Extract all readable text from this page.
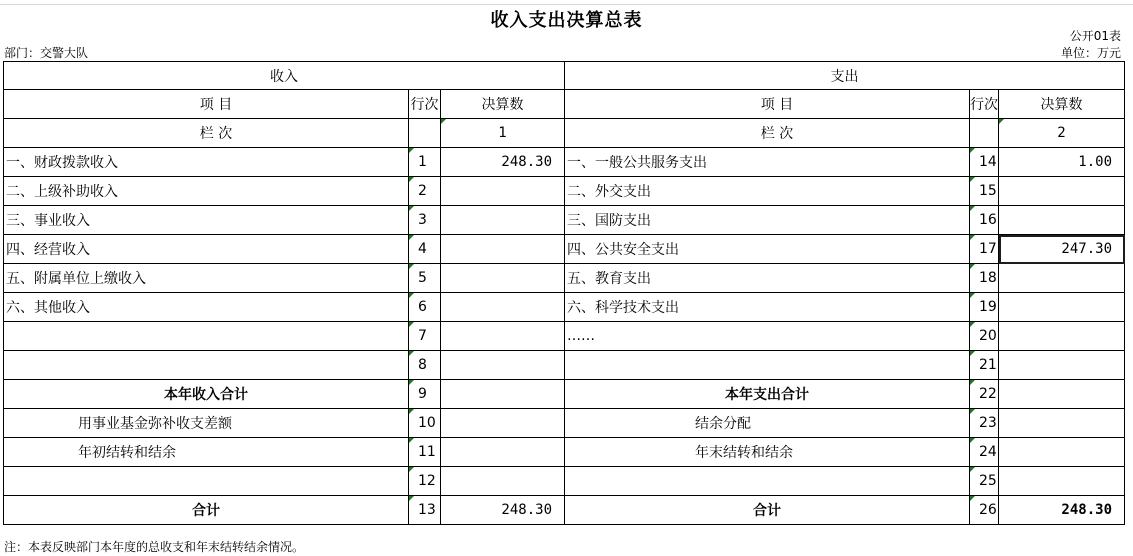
收入支出决算总表
公开01表
部门：交警大队	单位：万元
收入			支出		
项 目	行次	决算数	项 目	行次	决算数
栏 次		1	栏 次		2
一、财政拨款收入	1	248.30	一、一般公共服务支出	14	1.00
二、上级补助收入	2		二、外交支出	15	
三、事业收入	3		三、国防支出	16	
四、经营收入	4		四、公共安全支出	17	247.30
五、附属单位上缴收入	5		五、教育支出	18	
六、其他收入	6		六、科学技术支出	19	
	7		……	20	
	8			21	
本年收入合计	9		本年支出合计	22	
用事业基金弥补收支差额	10		结余分配	23	
年初结转和结余	11		年末结转和结余	24	
	12			25	
合计	13	248.30	合计	26	248.30
注：本表反映部门本年度的总收支和年末结转结余情况。
